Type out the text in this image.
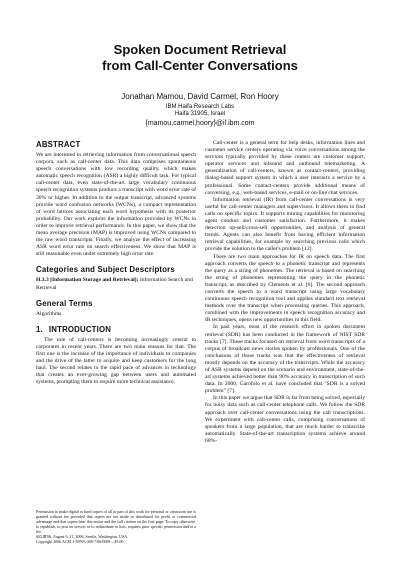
Spoken Document Retrieval
from Call-Center Conversations
Jonathan Mamou, David Carmel, Ron Hoory
IBM Haifa Research Labs
Haifa 31905, Israel
{mamou,carmel,hoory}@il.ibm.com
ABSTRACT

We are interested in retrieving information from conversational speech corpora, such as call-center data. This data comprises spontaneous speech conversations with low recording quality, which makes automatic speech recognition (ASR) a highly difficult task. For typical call-center data, even state-of-the-art large vocabulary continuous speech recognition systems produce a transcript with word error rate of 30% or higher. In addition to the output transcript, advanced systems provide word confusion networks (WCNs), a compact representation of word lattices associating each word hypothesis with its posterior probability. Our work exploits the information provided by WCNs in order to improve retrieval performance. In this paper, we show that the mean average precision (MAP) is improved using WCNs compared to the raw word transcripts. Finally, we analyze the effect of increasing ASR word error rate on search effectiveness. We show that MAP is still reasonable even under extremely high error rate.

Categories and Subject Descriptors

H.3.3 [Information Storage and Retrieval]: Information Search and Retrieval

General Terms

Algorithms

1. INTRODUCTION

The role of call-centers is becoming increasingly central to corporates in recent years. There are two main reasons for that. The first one is the increase of the importance of individuals to companies and the drive of the latter to acquire and keep customers for the long haul. The second relates to the rapid pace of advances in technology that creates an ever-growing gap between users and automated systems, prompting them to require more technical assistance.

Permission to make digital or hard copies of all or part of this work for personal or classroom use is granted without fee provided that copies are not made or distributed for profit or commercial advantage and that copies bear this notice and the full citation on the first page. To copy otherwise, to republish, to post on servers or to redistribute to lists, requires prior specific permission and/or a fee.

SIGIR'06, August 6–11, 2006, Seattle, Washington, USA.

Copyright 2006 ACM 1-59593-369-7/06/0008 ...$5.00.

Call-center is a general term for help desks, information lines and customer service centers operating via voice conversations among the services typically provided by these centers are customer support, operator services and inbound and outbound telemarketing. A generalization of call-centers, known as contact-centers, providing dialog-based support system in which a user interacts a service by a professional. Some contact-centers provide additional means of conversing, e.g., web-based services, e-mail or on-line chat services.

Information retrieval (IR) from call-center conversations is very useful for call-center managers and supervisors. It allows them to find calls on specific topics. It supports mining capabilities for monitoring agent conduct and customer satisfaction. Furthermore, it makes detection up-sell/cross-sell opportunities, and analysis of general trends. Agents can also benefit from having efficient information retrieval capabilities, for example by searching previous calls which provide the solution to the caller's problem [12].

There are two main approaches for IR on speech data. The first approach converts the speech to a phonetic transcript and represents the query as a string of phonemes. The retrieval is based on searching the string of phonemes representing the query in the phonetic transcript, as described by Clements et al. [6]. The second approach converts the speech to a word transcript using large vocabulary continuous speech recognition tool and applies standard text retrieval methods over the transcript when processing queries. This approach, combined with the improvements in speech recognition accuracy and IR techniques, opens new opportunities in this field.

In past years, most of the research effort in spoken document retrieval (SDR) has been conducted in the framework of NIST SDR tracks [7]. These tracks focused on retrieval from word transcripts of a corpus of broadcast news stories spoken by professionals. One of the conclusions of those tracks was that the effectiveness of retrieval mostly depends on the accuracy of the transcripts. While the accuracy of ASR systems depend on the scenario and environment, state-of-the-art systems achieved better than 90% accuracy in transcription of such data. In 2000, Garofolo et al. have concluded that "SDR is a solved problem" [7].

In this paper we argue that SDR is far from being solved, especially for noisy data such as call-center telephone calls. We follow the SDR approach over call-center conversations using the call transcriptions. We experiment with call-center calls, comprising conversations of speakers from a large population, that are much harder to transcribe automatically. State-of-the-art transcription systems achieve around 60%-
